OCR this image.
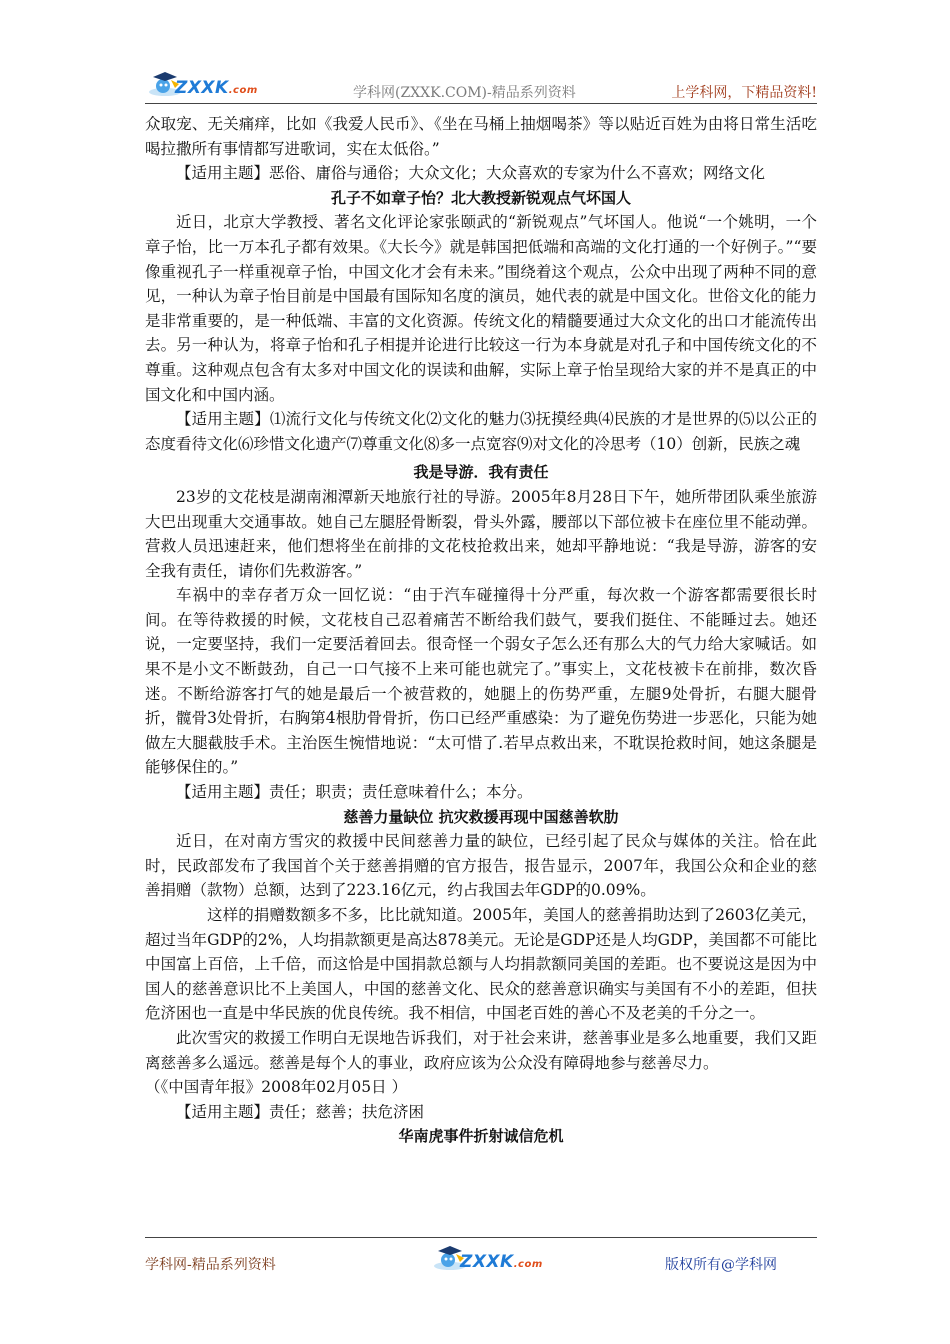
ZXXK.com	学科网(ZXXK.COM)-精品系列资料	上学科网，下精品资料!

众取宠、无关痛痒，比如《我爱人民币》、《坐在马桶上抽烟喝茶》等以贴近百姓为由将日常生活吃喝拉撒所有事情都写进歌词，实在太低俗。”

【适用主题】恶俗、庸俗与通俗；大众文化；大众喜欢的专家为什么不喜欢；网络文化

孔子不如章子怡？北大教授新锐观点气坏国人

近日，北京大学教授、著名文化评论家张颐武的“新锐观点”气坏国人。他说“一个姚明，一个章子怡，比一万本孔子都有效果。《大长今》就是韩国把低端和高端的文化打通的一个好例子。”“要像重视孔子一样重视章子怡，中国文化才会有未来。”围绕着这个观点，公众中出现了两种不同的意见，一种认为章子怡目前是中国最有国际知名度的演员，她代表的就是中国文化。世俗文化的能力是非常重要的，是一种低端、丰富的文化资源。传统文化的精髓要通过大众文化的出口才能流传出去。另一种认为，将章子怡和孔子相提并论进行比较这一行为本身就是对孔子和中国传统文化的不尊重。这种观点包含有太多对中国文化的误读和曲解，实际上章子怡呈现给大家的并不是真正的中国文化和中国内涵。

【适用主题】⑴流行文化与传统文化⑵文化的魅力⑶抚摸经典⑷民族的才是世界的⑸以公正的态度看待文化⑹珍惜文化遗产⑺尊重文化⑻多一点宽容⑼对文化的冷思考（10）创新，民族之魂

我是导游．我有责任

23岁的文花枝是湖南湘潭新天地旅行社的导游。2005年8月28日下午，她所带团队乘坐旅游大巴出现重大交通事故。她自己左腿胫骨断裂，骨头外露，腰部以下部位被卡在座位里不能动弹。营救人员迅速赶来，他们想将坐在前排的文花枝抢救出来，她却平静地说：“我是导游，游客的安全我有责任，请你们先救游客。”

车祸中的幸存者万众一回忆说：“由于汽车碰撞得十分严重，每次救一个游客都需要很长时间。在等待救援的时候，文花枝自己忍着痛苦不断给我们鼓气，要我们挺住、不能睡过去。她还说，一定要坚持，我们一定要活着回去。很奇怪一个弱女子怎么还有那么大的气力给大家喊话。如果不是小文不断鼓劲，自己一口气接不上来可能也就完了。”事实上，文花枝被卡在前排，数次昏迷。不断给游客打气的她是最后一个被营救的，她腿上的伤势严重，左腿9处骨折，右腿大腿骨折，髋骨3处骨折，右胸第4根肋骨骨折，伤口已经严重感染：为了避免伤势进一步恶化，只能为她做左大腿截肢手术。主治医生惋惜地说：“太可惜了.若早点救出来，不耽误抢救时间，她这条腿是能够保住的。”

【适用主题】责任；职责；责任意味着什么；本分。

慈善力量缺位 抗灾救援再现中国慈善软肋

近日，在对南方雪灾的救援中民间慈善力量的缺位，已经引起了民众与媒体的关注。恰在此时，民政部发布了我国首个关于慈善捐赠的官方报告，报告显示，2007年，我国公众和企业的慈善捐赠（款物）总额，达到了223.16亿元，约占我国去年GDP的0.09%。

这样的捐赠数额多不多，比比就知道。2005年，美国人的慈善捐助达到了2603亿美元，超过当年GDP的2%，人均捐款额更是高达878美元。无论是GDP还是人均GDP，美国都不可能比中国富上百倍，上千倍，而这恰是中国捐款总额与人均捐款额同美国的差距。也不要说这是因为中国人的慈善意识比不上美国人，中国的慈善文化、民众的慈善意识确实与美国有不小的差距，但扶危济困也一直是中华民族的优良传统。我不相信，中国老百姓的善心不及老美的千分之一。

此次雪灾的救援工作明白无误地告诉我们，对于社会来讲，慈善事业是多么地重要，我们又距离慈善多么遥远。慈善是每个人的事业，政府应该为公众没有障碍地参与慈善尽力。

（《中国青年报》2008年02月05日 ）

【适用主题】责任；慈善；扶危济困

华南虎事件折射诚信危机

学科网-精品系列资料	ZXXK.com	版权所有@学科网
